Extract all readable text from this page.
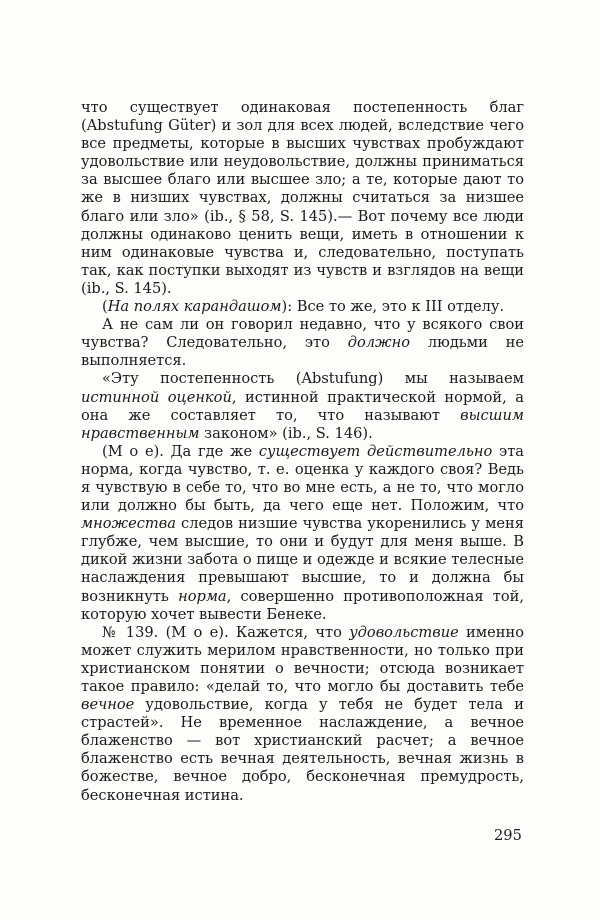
что существует одинаковая постепенность благ (Abstufung Güter) и зол для всех людей, вследствие чего все предметы, которые в высших чувствах пробуждают удовольствие или неудовольствие, должны приниматься за высшее благо или высшее зло; а те, которые дают то же в низших чувствах, должны считаться за низшее благо или зло» (ib., § 58, S. 145).— Вот почему все люди должны одинаково ценить вещи, иметь в отношении к ним одинаковые чувства и, следовательно, поступать так, как поступки выходят из чувств и взглядов на вещи (ib., S. 145).

(На полях карандашом): Все то же, это к III отделу.

А не сам ли он говорил недавно, что у всякого свои чувства? Следовательно, это должно людьми не выполняется.

«Эту постепенность (Abstufung) мы называем истинной оценкой, истинной практической нормой, а она же составляет то, что называют высшим нравственным законом» (ib., S. 146).

(М о е). Да где же существует действительно эта норма, когда чувство, т. е. оценка у каждого своя? Ведь я чувствую в себе то, что во мне есть, а не то, что могло или должно бы быть, да чего еще нет. Положим, что множества следов низшие чувства укоренились у меня глубже, чем высшие, то они и будут для меня выше. В дикой жизни забота о пище и одежде и всякие телесные наслаждения превышают высшие, то и должна бы возникнуть норма, совершенно противоположная той, которую хочет вывести Бенеке.

№ 139. (М о е). Кажется, что удовольствие именно может служить мерилом нравственности, но только при христианском понятии о вечности; отсюда возникает такое правило: «делай то, что могло бы доставить тебе вечное удовольствие, когда у тебя не будет тела и страстей». Не временное наслаждение, а вечное блаженство — вот христианский расчет; а вечное блаженство есть вечная деятельность, вечная жизнь в божестве, вечное добро, бесконечная премудрость, бесконечная истина.

295
